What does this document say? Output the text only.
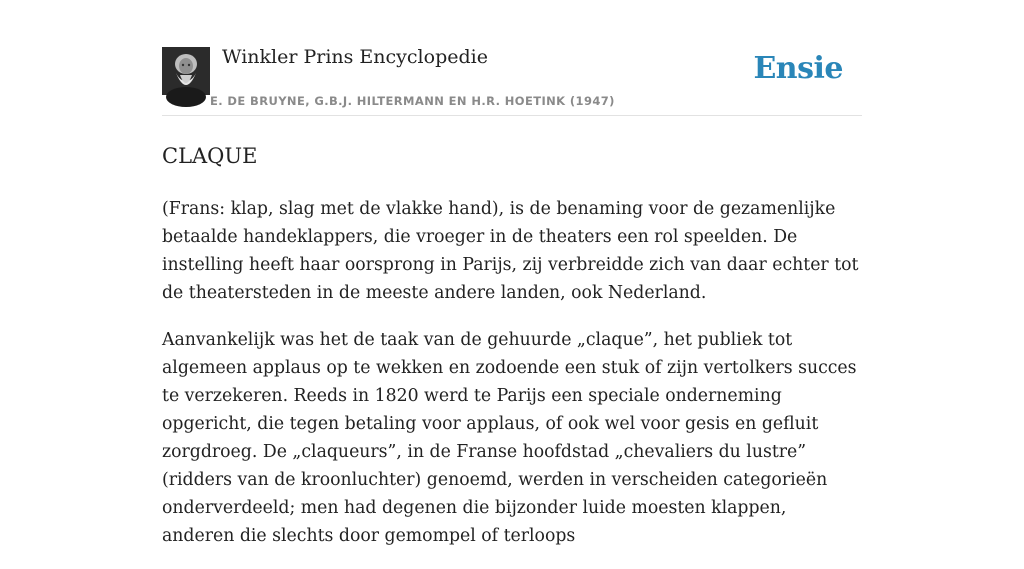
Winkler Prins Encyclopedie
E. DE BRUYNE, G.B.J. HILTERMANN EN H.R. HOETINK (1947)
Ensie
CLAQUE

(Frans: klap, slag met de vlakke hand), is de benaming voor de gezamenlijke betaalde handeklappers, die vroeger in de theaters een rol speelden. De instelling heeft haar oorsprong in Parijs, zij verbreidde zich van daar echter tot de theatersteden in de meeste andere landen, ook Nederland.

Aanvankelijk was het de taak van de gehuurde „claque”, het publiek tot algemeen applaus op te wekken en zodoende een stuk of zijn vertolkers succes te verzekeren. Reeds in 1820 werd te Parijs een speciale onderneming opgericht, die tegen betaling voor applaus, of ook wel voor gesis en gefluit zorgdroeg. De „claqueurs”, in de Franse hoofdstad „chevaliers du lustre” (ridders van de kroonluchter) genoemd, werden in verscheiden categorieën onderverdeeld; men had degenen die bijzonder luide moesten klappen, anderen die slechts door gemompel of terloops
